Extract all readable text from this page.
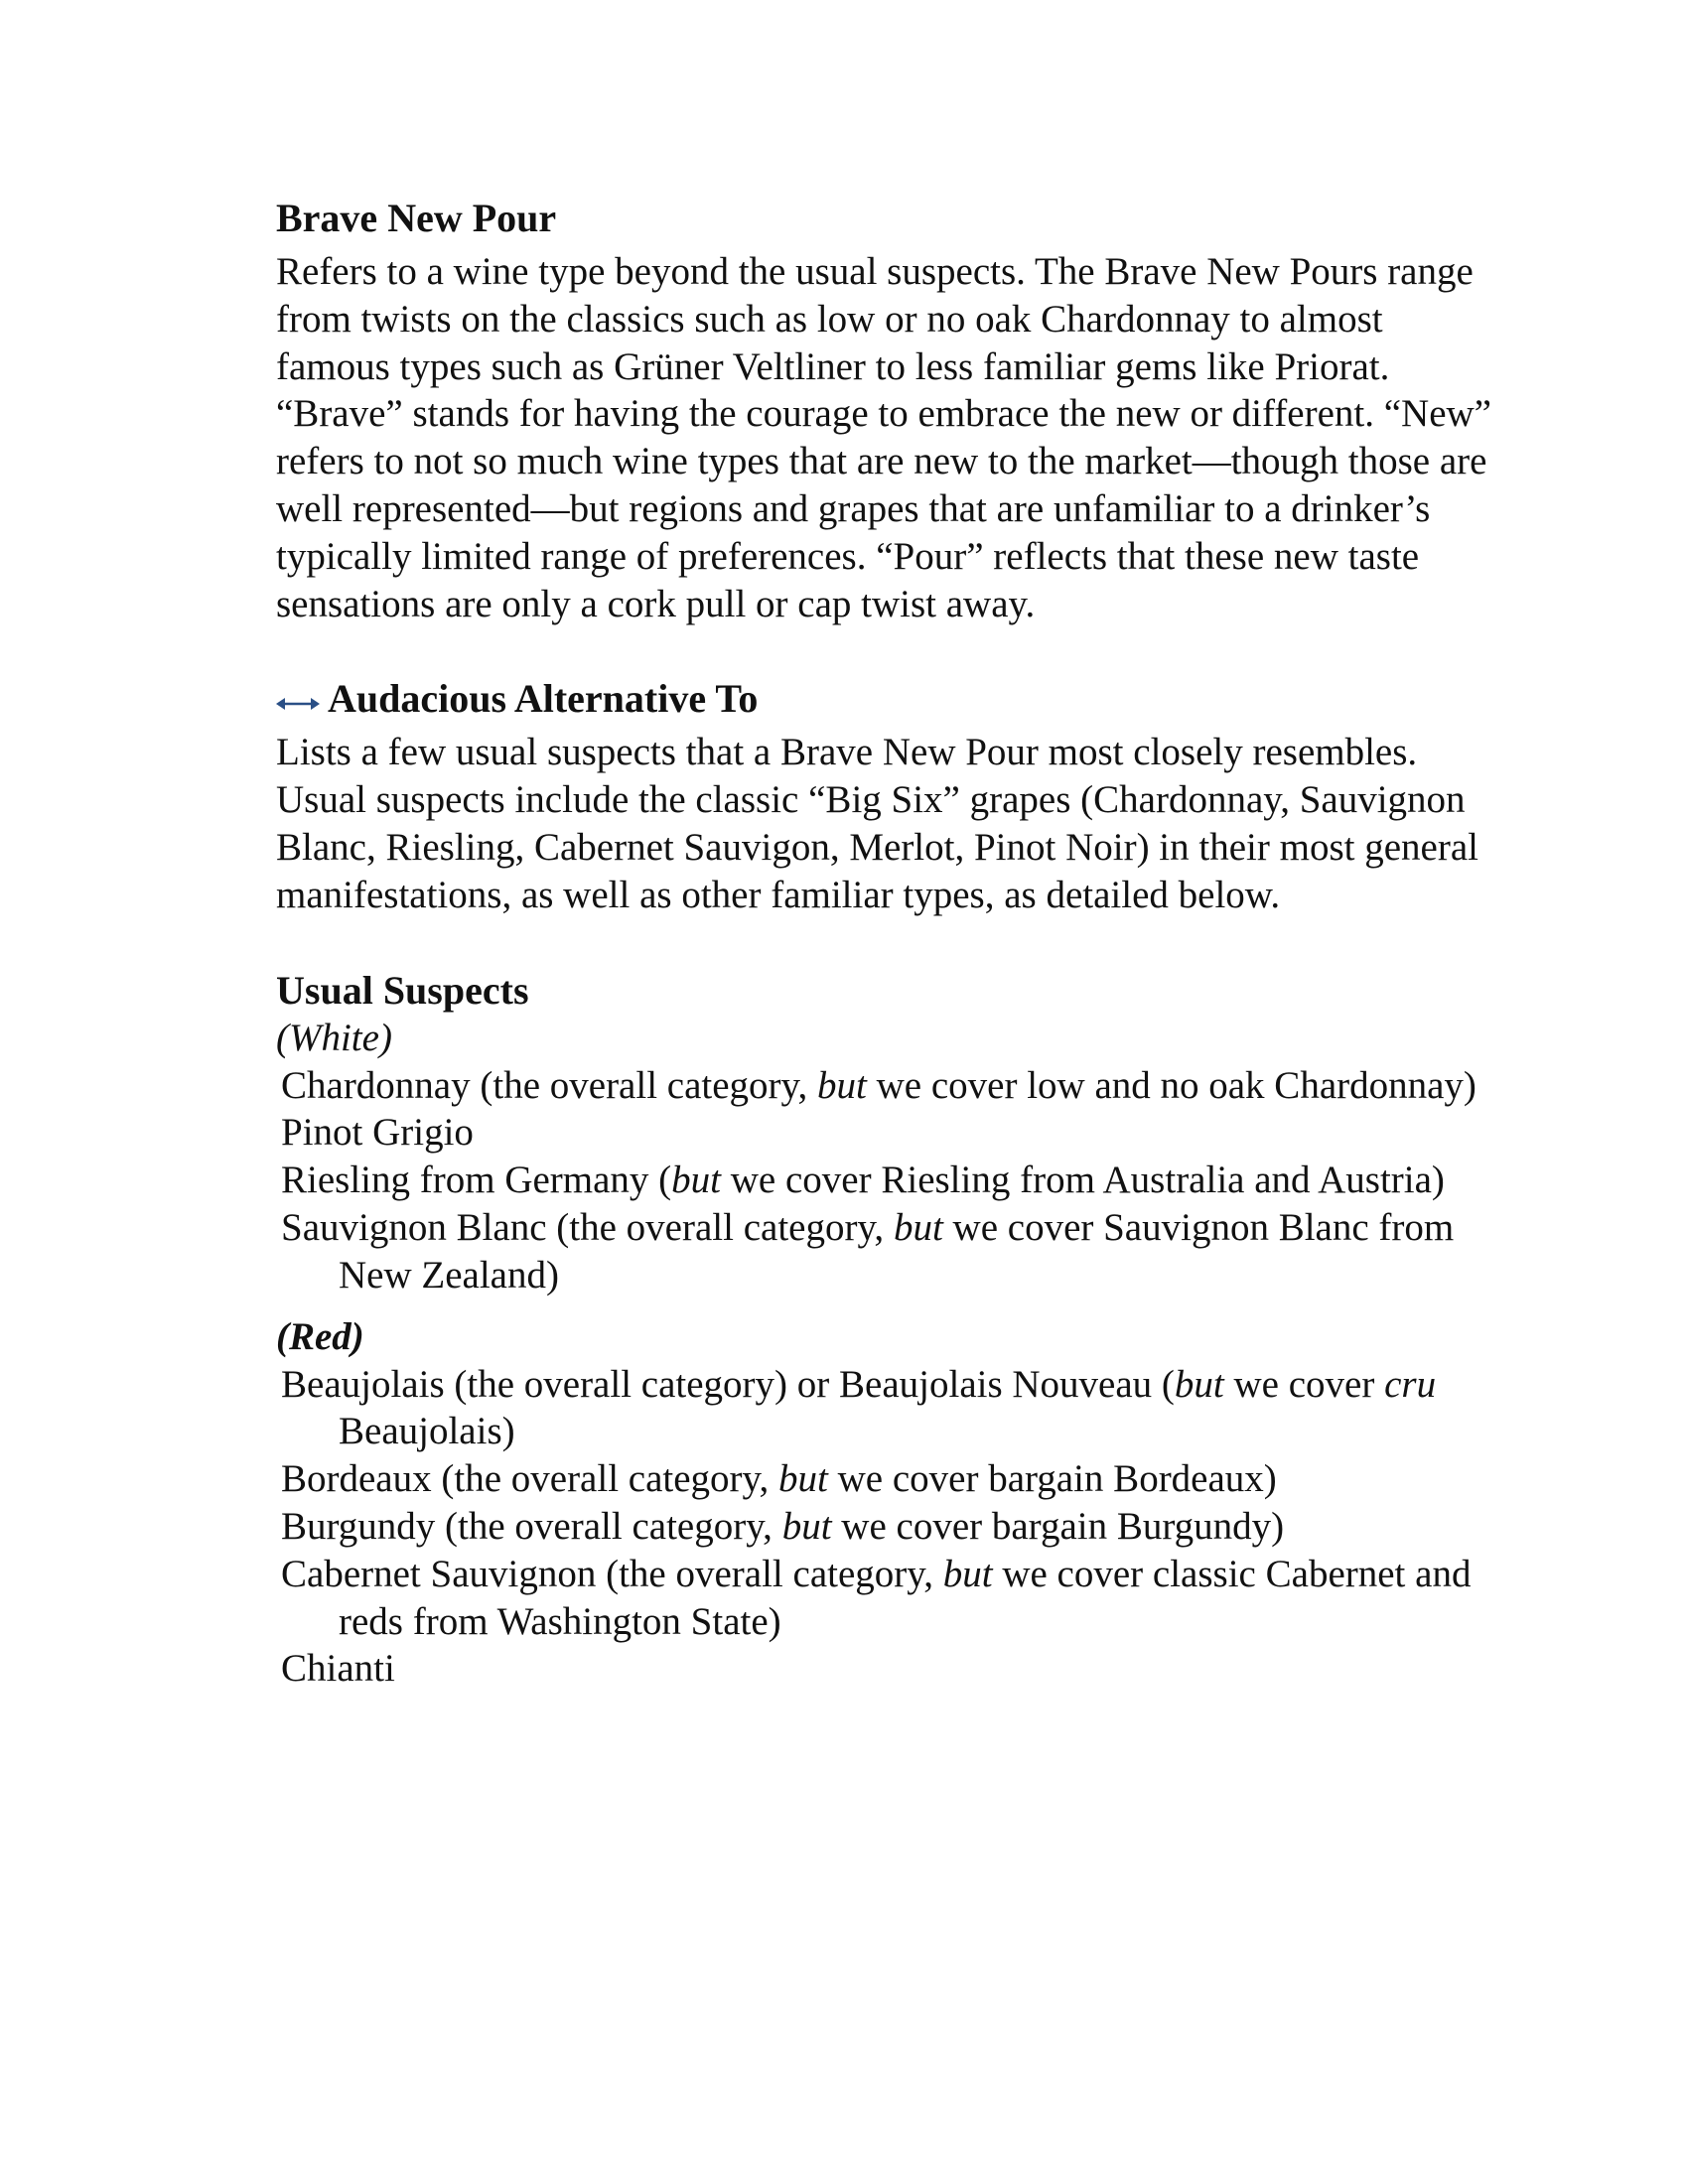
Brave New Pour

Refers to a wine type beyond the usual suspects. The Brave New Pours range from twists on the classics such as low or no oak Chardonnay to almost famous types such as Grüner Veltliner to less familiar gems like Priorat. “Brave” stands for having the courage to embrace the new or different. “New” refers to not so much wine types that are new to the market—though those are well represented—but regions and grapes that are unfamiliar to a drinker’s typically limited range of preferences. “Pour” reflects that these new taste sensations are only a cork pull or cap twist away.

Audacious Alternative To

Lists a few usual suspects that a Brave New Pour most closely resembles. Usual suspects include the classic “Big Six” grapes (Chardonnay, Sauvignon Blanc, Riesling, Cabernet Sauvigon, Merlot, Pinot Noir) in their most general manifestations, as well as other familiar types, as detailed below.

Usual Suspects

(White)

Chardonnay (the overall category, but we cover low and no oak Chardonnay)
Pinot Grigio
Riesling from Germany (but we cover Riesling from Australia and Austria)
Sauvignon Blanc (the overall category, but we cover Sauvignon Blanc from New Zealand)

(Red)

Beaujolais (the overall category) or Beaujolais Nouveau (but we cover cru Beaujolais)
Bordeaux (the overall category, but we cover bargain Bordeaux)
Burgundy (the overall category, but we cover bargain Burgundy)
Cabernet Sauvignon (the overall category, but we cover classic Cabernet and reds from Washington State)
Chianti
